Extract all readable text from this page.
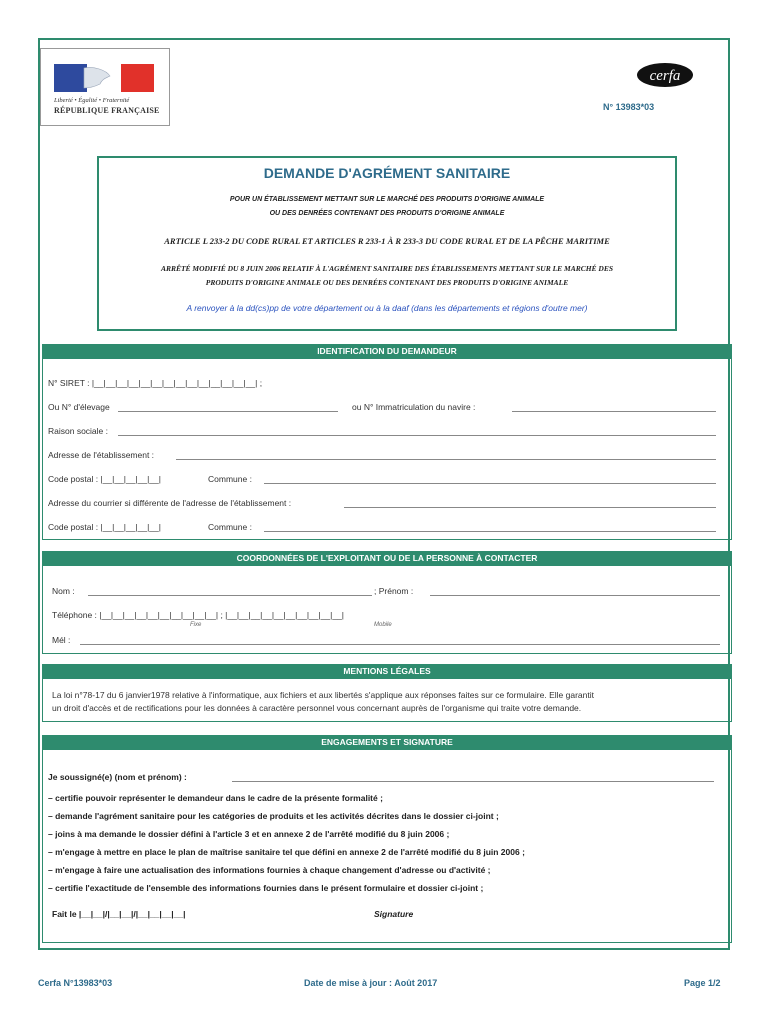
Liberté • Égalité • Fraternité
RÉPUBLIQUE FRANÇAISE
cerfa
N° 13983*03
DEMANDE D'AGRÉMENT SANITAIRE
POUR UN ÉTABLISSEMENT METTANT SUR LE MARCHÉ DES PRODUITS D'ORIGINE ANIMALE
OU DES DENRÉES CONTENANT DES PRODUITS D'ORIGINE ANIMALE
ARTICLE L 233-2 DU CODE RURAL ET ARTICLES R 233-1 À R 233-3 DU CODE RURAL ET DE LA PÊCHE MARITIME
ARRÊTÉ MODIFIÉ DU 8 JUIN 2006 RELATIF À L'AGRÉMENT SANITAIRE DES ÉTABLISSEMENTS METTANT SUR LE MARCHÉ DES
PRODUITS D'ORIGINE ANIMALE OU DES DENRÉES CONTENANT DES PRODUITS D'ORIGINE ANIMALE
A renvoyer à la dd(cs)pp de votre département ou à la daaf (dans les départements et régions d'outre mer)
IDENTIFICATION DU DEMANDEUR
N° SIRET : |__|__|__|__|__|__|__|__|__|__|__|__|__|__| ;
Ou N° d'élevage	ou N° Immatriculation du navire :
Raison sociale :
Adresse de l'établissement :
Code postal : |__|__|__|__|__|	Commune :
Adresse du courrier si différente de l'adresse de l'établissement :
Code postal : |__|__|__|__|__|	Commune :
COORDONNÉES DE L'EXPLOITANT OU DE LA PERSONNE À CONTACTER
Nom :	; Prénom :
Téléphone : |__|__|__|__|__|__|__|__|__|__| ; |__|__|__|__|__|__|__|__|__|__|
Fixe	Mobile
Mél :
MENTIONS LÉGALES
La loi n°78-17 du 6 janvier1978 relative à l'informatique, aux fichiers et aux libertés s'applique aux réponses faites sur ce formulaire. Elle garantit
un droit d'accès et de rectifications pour les données à caractère personnel vous concernant auprès de l'organisme qui traite votre demande.
ENGAGEMENTS ET SIGNATURE
Je soussigné(e) (nom et prénom) :
– certifie pouvoir représenter le demandeur dans le cadre de la présente formalité ;
– demande l'agrément sanitaire pour les catégories de produits et les activités décrites dans le dossier ci-joint ;
– joins à ma demande le dossier défini à l'article 3 et en annexe 2 de l'arrêté modifié du 8 juin 2006 ;
– m'engage à mettre en place le plan de maîtrise sanitaire tel que défini en annexe 2 de l'arrêté modifié du 8 juin 2006 ;
– m'engage à faire une actualisation des informations fournies à chaque changement d'adresse ou d'activité ;
– certifie l'exactitude de l'ensemble des informations fournies dans le présent formulaire et dossier ci-joint ;
Fait le |__|__|/|__|__|/|__|__|__|__|	Signature
Cerfa N°13983*03	Date de mise à jour : Août 2017	Page 1/2
